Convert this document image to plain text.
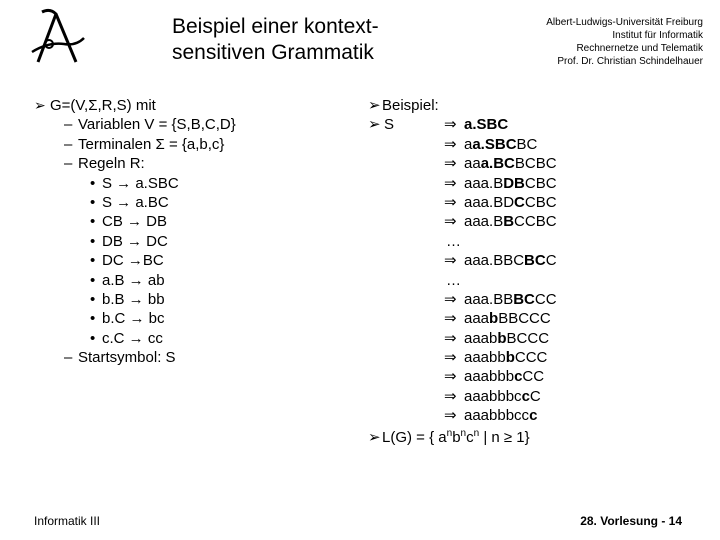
Beispiel einer kontext-
sensitiven Grammatik
Albert-Ludwigs-Universität Freiburg
Institut für Informatik
Rechnernetze und Telematik
Prof. Dr. Christian Schindelhauer
➢ G=(V,Σ,R,S) mit
– Variablen V = {S,B,C,D}
– Terminalen Σ = {a,b,c}
– Regeln R:
• S → a.SBC
• S → a.BC
• CB → DB
• DB → DC
• DC →BC
• a.B → ab
• b.B → bb
• b.C → bc
• c.C → cc
– Startsymbol: S
➢ Beispiel:
➢ S	⇒ a.SBC
⇒ aa.SBCBC
⇒ aaa.BCBCBC
⇒ aaa.BDBCBC
⇒ aaa.BDCCBC
⇒ aaa.BBCCBC
…
⇒ aaa.BBCBCC
…
⇒ aaa.BBBCCC
⇒ aaabBBCCC
⇒ aaabbBCCC
⇒ aaabbbCCC
⇒ aaabbbcCC
⇒ aaabbbccC
⇒ aaabbbccc
➢ L(G) = { $a^nb^nc^n$ | n ≥ 1}
Informatik III	28. Vorlesung - 14
